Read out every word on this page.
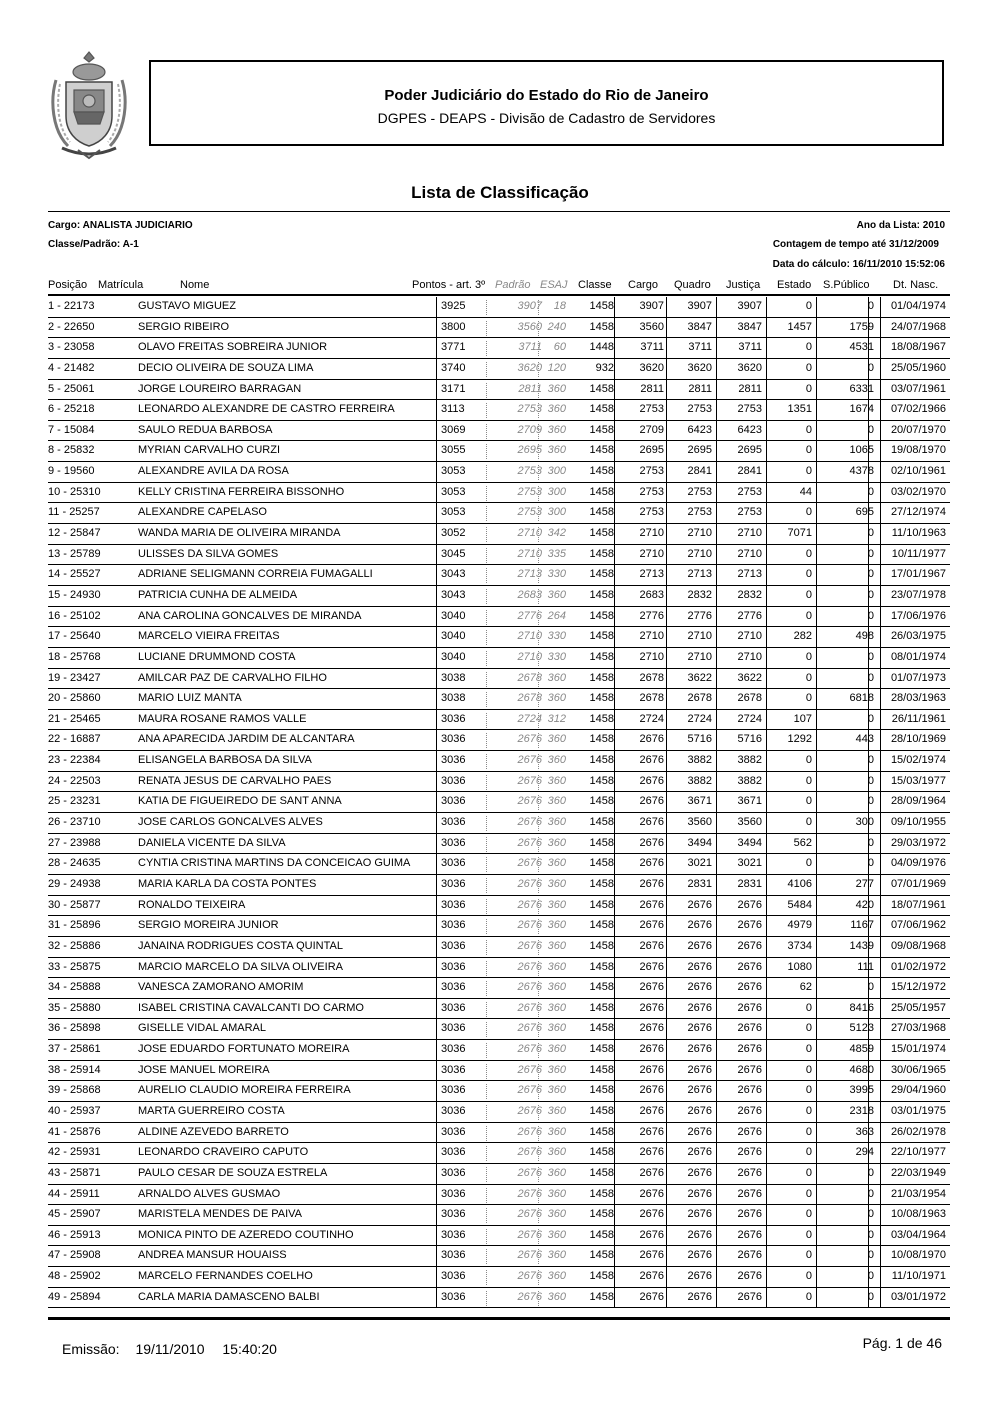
Poder Judiciário do Estado do Rio de Janeiro
DGPES - DEAPS - Divisão de Cadastro de Servidores
Lista de Classificação
Cargo: ANALISTA JUDICIARIO	Ano da Lista: 2010
Classe/Padrão: A-1	Contagem de tempo até 31/12/2009
Data do cálculo: 16/11/2010 15:52:06
Posição Matrícula	Nome	Pontos - art. 3º Padrão ESAJ Classe Cargo Quadro Justiça Estado S.Público Dt. Nasc.
1 - 22173	GUSTAVO MIGUEZ	3925	3907	18	1458	3907	3907	3907	0	0	01/04/1974
2 - 22650	SERGIO RIBEIRO	3800	3560 240	1458	3560	3847	3847	1457	1759	24/07/1968
3 - 23058	OLAVO FREITAS SOBREIRA JUNIOR	3771	3711	60	1448	3711	3711	3711	0	4531	18/08/1967
4 - 21482	DECIO OLIVEIRA DE SOUZA LIMA	3740	3620 120	932	3620	3620	3620	0	0	25/05/1960
5 - 25061	JORGE LOUREIRO BARRAGAN	3171	2811 360	1458	2811	2811	2811	0	6331	03/07/1961
6 - 25218	LEONARDO ALEXANDRE DE CASTRO FERREIRA	3113	2753 360	1458	2753	2753	2753	1351	1674	07/02/1966
7 - 15084	SAULO REDUA BARBOSA	3069	2709 360	1458	2709	6423	6423	0	0	20/07/1970
8 - 25832	MYRIAN CARVALHO CURZI	3055	2695 360	1458	2695	2695	2695	0	1065	19/08/1970
9 - 19560	ALEXANDRE AVILA DA ROSA	3053	2753 300	1458	2753	2841	2841	0	4378	02/10/1961
10 - 25310	KELLY CRISTINA FERREIRA BISSONHO	3053	2753 300	1458	2753	2753	2753	44	0	03/02/1970
11 - 25257	ALEXANDRE CAPELASO	3053	2753 300	1458	2753	2753	2753	0	695	27/12/1974
12 - 25847	WANDA MARIA DE OLIVEIRA MIRANDA	3052	2710 342	1458	2710	2710	2710	7071	0	11/10/1963
13 - 25789	ULISSES DA SILVA GOMES	3045	2710 335	1458	2710	2710	2710	0	0	10/11/1977
14 - 25527	ADRIANE SELIGMANN CORREIA FUMAGALLI	3043	2713 330	1458	2713	2713	2713	0	0	17/01/1967
15 - 24930	PATRICIA CUNHA DE ALMEIDA	3043	2683 360	1458	2683	2832	2832	0	0	23/07/1978
16 - 25102	ANA CAROLINA GONCALVES DE MIRANDA	3040	2776 264	1458	2776	2776	2776	0	0	17/06/1976
17 - 25640	MARCELO VIEIRA FREITAS	3040	2710 330	1458	2710	2710	2710	282	498	26/03/1975
18 - 25768	LUCIANE DRUMMOND COSTA	3040	2710 330	1458	2710	2710	2710	0	0	08/01/1974
19 - 23427	AMILCAR PAZ DE CARVALHO FILHO	3038	2678 360	1458	2678	3622	3622	0	0	01/07/1973
20 - 25860	MARIO LUIZ MANTA	3038	2678 360	1458	2678	2678	2678	0	6818	28/03/1963
21 - 25465	MAURA ROSANE RAMOS VALLE	3036	2724 312	1458	2724	2724	2724	107	0	26/11/1961
22 - 16887	ANA APARECIDA JARDIM DE ALCANTARA	3036	2676 360	1458	2676	5716	5716	1292	443	28/10/1969
23 - 22384	ELISANGELA BARBOSA DA SILVA	3036	2676 360	1458	2676	3882	3882	0	0	15/02/1974
24 - 22503	RENATA JESUS DE CARVALHO PAES	3036	2676 360	1458	2676	3882	3882	0	0	15/03/1977
25 - 23231	KATIA DE FIGUEIREDO DE SANT ANNA	3036	2676 360	1458	2676	3671	3671	0	0	28/09/1964
26 - 23710	JOSE CARLOS GONCALVES ALVES	3036	2676 360	1458	2676	3560	3560	0	300	09/10/1955
27 - 23988	DANIELA VICENTE DA SILVA	3036	2676 360	1458	2676	3494	3494	562	0	29/03/1972
28 - 24635	CYNTIA CRISTINA MARTINS DA CONCEICAO GUIMA	3036	2676 360	1458	2676	3021	3021	0	0	04/09/1976
29 - 24938	MARIA KARLA DA COSTA PONTES	3036	2676 360	1458	2676	2831	2831	4106	277	07/01/1969
30 - 25877	RONALDO TEIXEIRA	3036	2676 360	1458	2676	2676	2676	5484	420	18/07/1961
31 - 25896	SERGIO MOREIRA JUNIOR	3036	2676 360	1458	2676	2676	2676	4979	1167	07/06/1962
32 - 25886	JANAINA RODRIGUES COSTA QUINTAL	3036	2676 360	1458	2676	2676	2676	3734	1439	09/08/1968
33 - 25875	MARCIO MARCELO DA SILVA OLIVEIRA	3036	2676 360	1458	2676	2676	2676	1080	111	01/02/1972
34 - 25888	VANESCA ZAMORANO AMORIM	3036	2676 360	1458	2676	2676	2676	62	0	15/12/1972
35 - 25880	ISABEL CRISTINA CAVALCANTI DO CARMO	3036	2676 360	1458	2676	2676	2676	0	8416	25/05/1957
36 - 25898	GISELLE VIDAL AMARAL	3036	2676 360	1458	2676	2676	2676	0	5123	27/03/1968
37 - 25861	JOSE EDUARDO FORTUNATO MOREIRA	3036	2676 360	1458	2676	2676	2676	0	4859	15/01/1974
38 - 25914	JOSE MANUEL MOREIRA	3036	2676 360	1458	2676	2676	2676	0	4680	30/06/1965
39 - 25868	AURELIO CLAUDIO MOREIRA FERREIRA	3036	2676 360	1458	2676	2676	2676	0	3995	29/04/1960
40 - 25937	MARTA GUERREIRO COSTA	3036	2676 360	1458	2676	2676	2676	0	2318	03/01/1975
41 - 25876	ALDINE AZEVEDO BARRETO	3036	2676 360	1458	2676	2676	2676	0	363	26/02/1978
42 - 25931	LEONARDO CRAVEIRO CAPUTO	3036	2676 360	1458	2676	2676	2676	0	294	22/10/1977
43 - 25871	PAULO CESAR DE SOUZA ESTRELA	3036	2676 360	1458	2676	2676	2676	0	0	22/03/1949
44 - 25911	ARNALDO ALVES GUSMAO	3036	2676 360	1458	2676	2676	2676	0	0	21/03/1954
45 - 25907	MARISTELA MENDES DE PAIVA	3036	2676 360	1458	2676	2676	2676	0	0	10/08/1963
46 - 25913	MONICA PINTO DE AZEREDO COUTINHO	3036	2676 360	1458	2676	2676	2676	0	0	03/04/1964
47 - 25908	ANDREA MANSUR HOUAISS	3036	2676 360	1458	2676	2676	2676	0	0	10/08/1970
48 - 25902	MARCELO FERNANDES COELHO	3036	2676 360	1458	2676	2676	2676	0	0	11/10/1971
49 - 25894	CARLA MARIA DAMASCENO BALBI	3036	2676 360	1458	2676	2676	2676	0	0	03/01/1972
Emissão: 19/11/2010 15:40:20	Pág. 1 de 46
